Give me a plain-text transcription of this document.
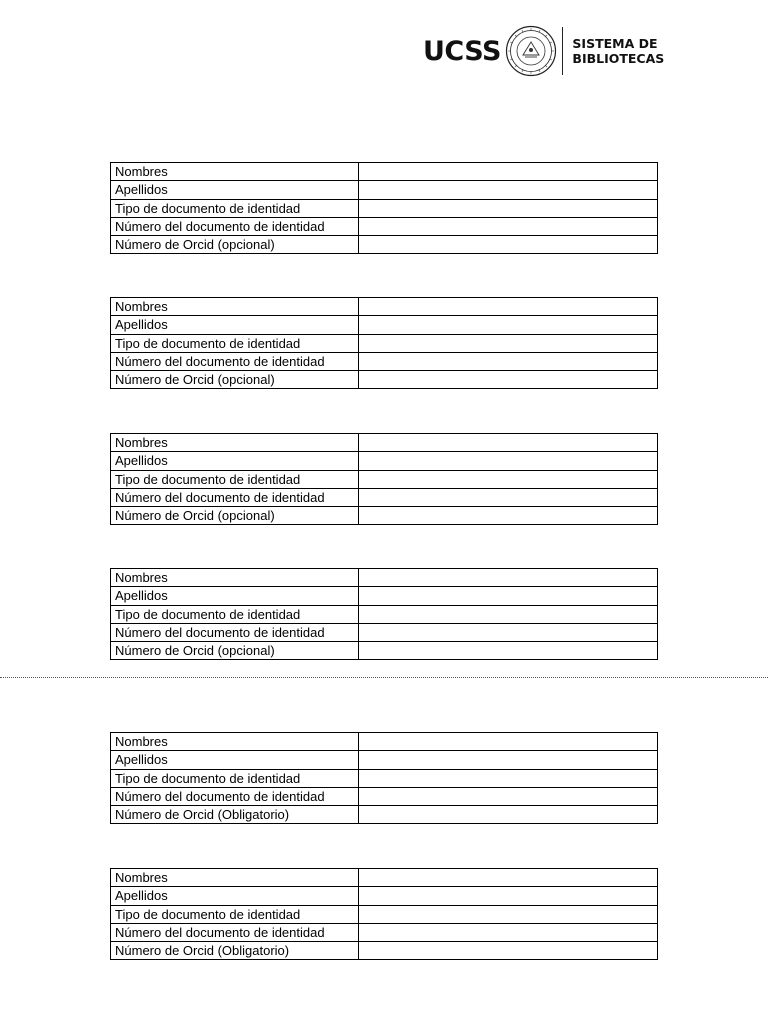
UCSS	SISTEMA DE
BIBLIOTECAS
Nombres	
Apellidos	
Tipo de documento de identidad	
Número del documento de identidad	
Número de Orcid (opcional)	
Nombres	
Apellidos	
Tipo de documento de identidad	
Número del documento de identidad	
Número de Orcid (opcional)	
Nombres	
Apellidos	
Tipo de documento de identidad	
Número del documento de identidad	
Número de Orcid (opcional)	
Nombres	
Apellidos	
Tipo de documento de identidad	
Número del documento de identidad	
Número de Orcid (opcional)	
Nombres	
Apellidos	
Tipo de documento de identidad	
Número del documento de identidad	
Número de Orcid (Obligatorio)	
Nombres	
Apellidos	
Tipo de documento de identidad	
Número del documento de identidad	
Número de Orcid (Obligatorio)	
